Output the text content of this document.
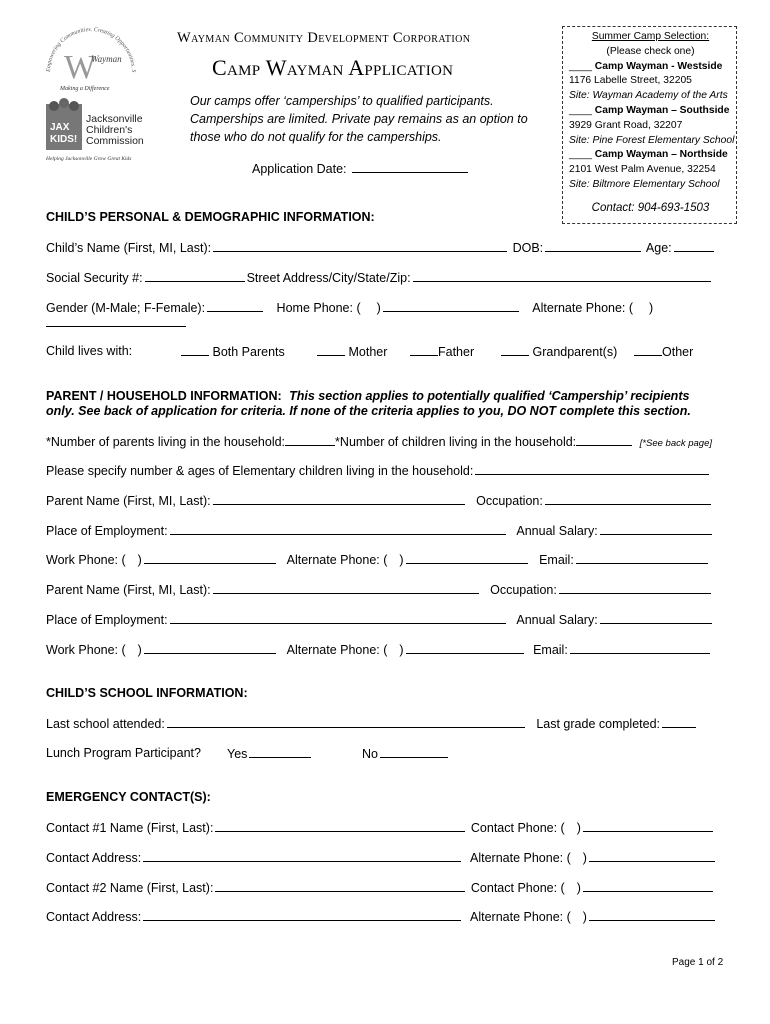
Empowering Communities. Creating Opportunities. S
W
Wayman
Making a Difference
JAX
KIDS!
Jacksonville
Children's
Commission
Helping Jacksonville Grow Great Kids
Wayman Community Development Corporation
Camp Wayman Application
Our camps offer ‘camperships’ to qualified participants. Camperships are limited. Private pay remains as an option to those who do not qualify for the camperships.
Application Date:
Summer Camp Selection:
(Please check one)
____ Camp Wayman - Westside
1176 Labelle Street, 32205
Site: Wayman Academy of the Arts
____ Camp Wayman – Southside
3929 Grant Road, 32207
Site: Pine Forest Elementary School
____ Camp Wayman – Northside
2101 West Palm Avenue, 32254
Site: Biltmore Elementary School
Contact: 904-693-1503
CHILD’S PERSONAL & DEMOGRAPHIC INFORMATION:
Child’s Name (First, MI, Last):	DOB:	Age:
Social Security #:	Street Address/City/State/Zip:
Gender (M-Male; F-Female):	Home Phone: ( )	Alternate Phone: ( )
Child lives with:	Both Parents	Mother	Father	Grandparent(s)	Other
PARENT / HOUSEHOLD INFORMATION: This section applies to potentially qualified ‘Campership’ recipients
only. See back of application for criteria. If none of the criteria applies to you, DO NOT complete this section.
*Number of parents living in the household:	*Number of children living in the household:	[*See back page]
Please specify number & ages of Elementary children living in the household:
Parent Name (First, MI, Last):	Occupation:
Place of Employment:	Annual Salary:
Work Phone: ( )	Alternate Phone: ( )	Email:
Parent Name (First, MI, Last):	Occupation:
Place of Employment:	Annual Salary:
Work Phone: ( )	Alternate Phone: ( )	Email:
CHILD’S SCHOOL INFORMATION:
Last school attended:	Last grade completed:
Lunch Program Participant? Yes	No
EMERGENCY CONTACT(S):
Contact #1 Name (First, Last):	Contact Phone: ( )
Contact Address:	Alternate Phone: ( )
Contact #2 Name (First, Last):	Contact Phone: ( )
Contact Address:	Alternate Phone: ( )
Page 1 of 2
